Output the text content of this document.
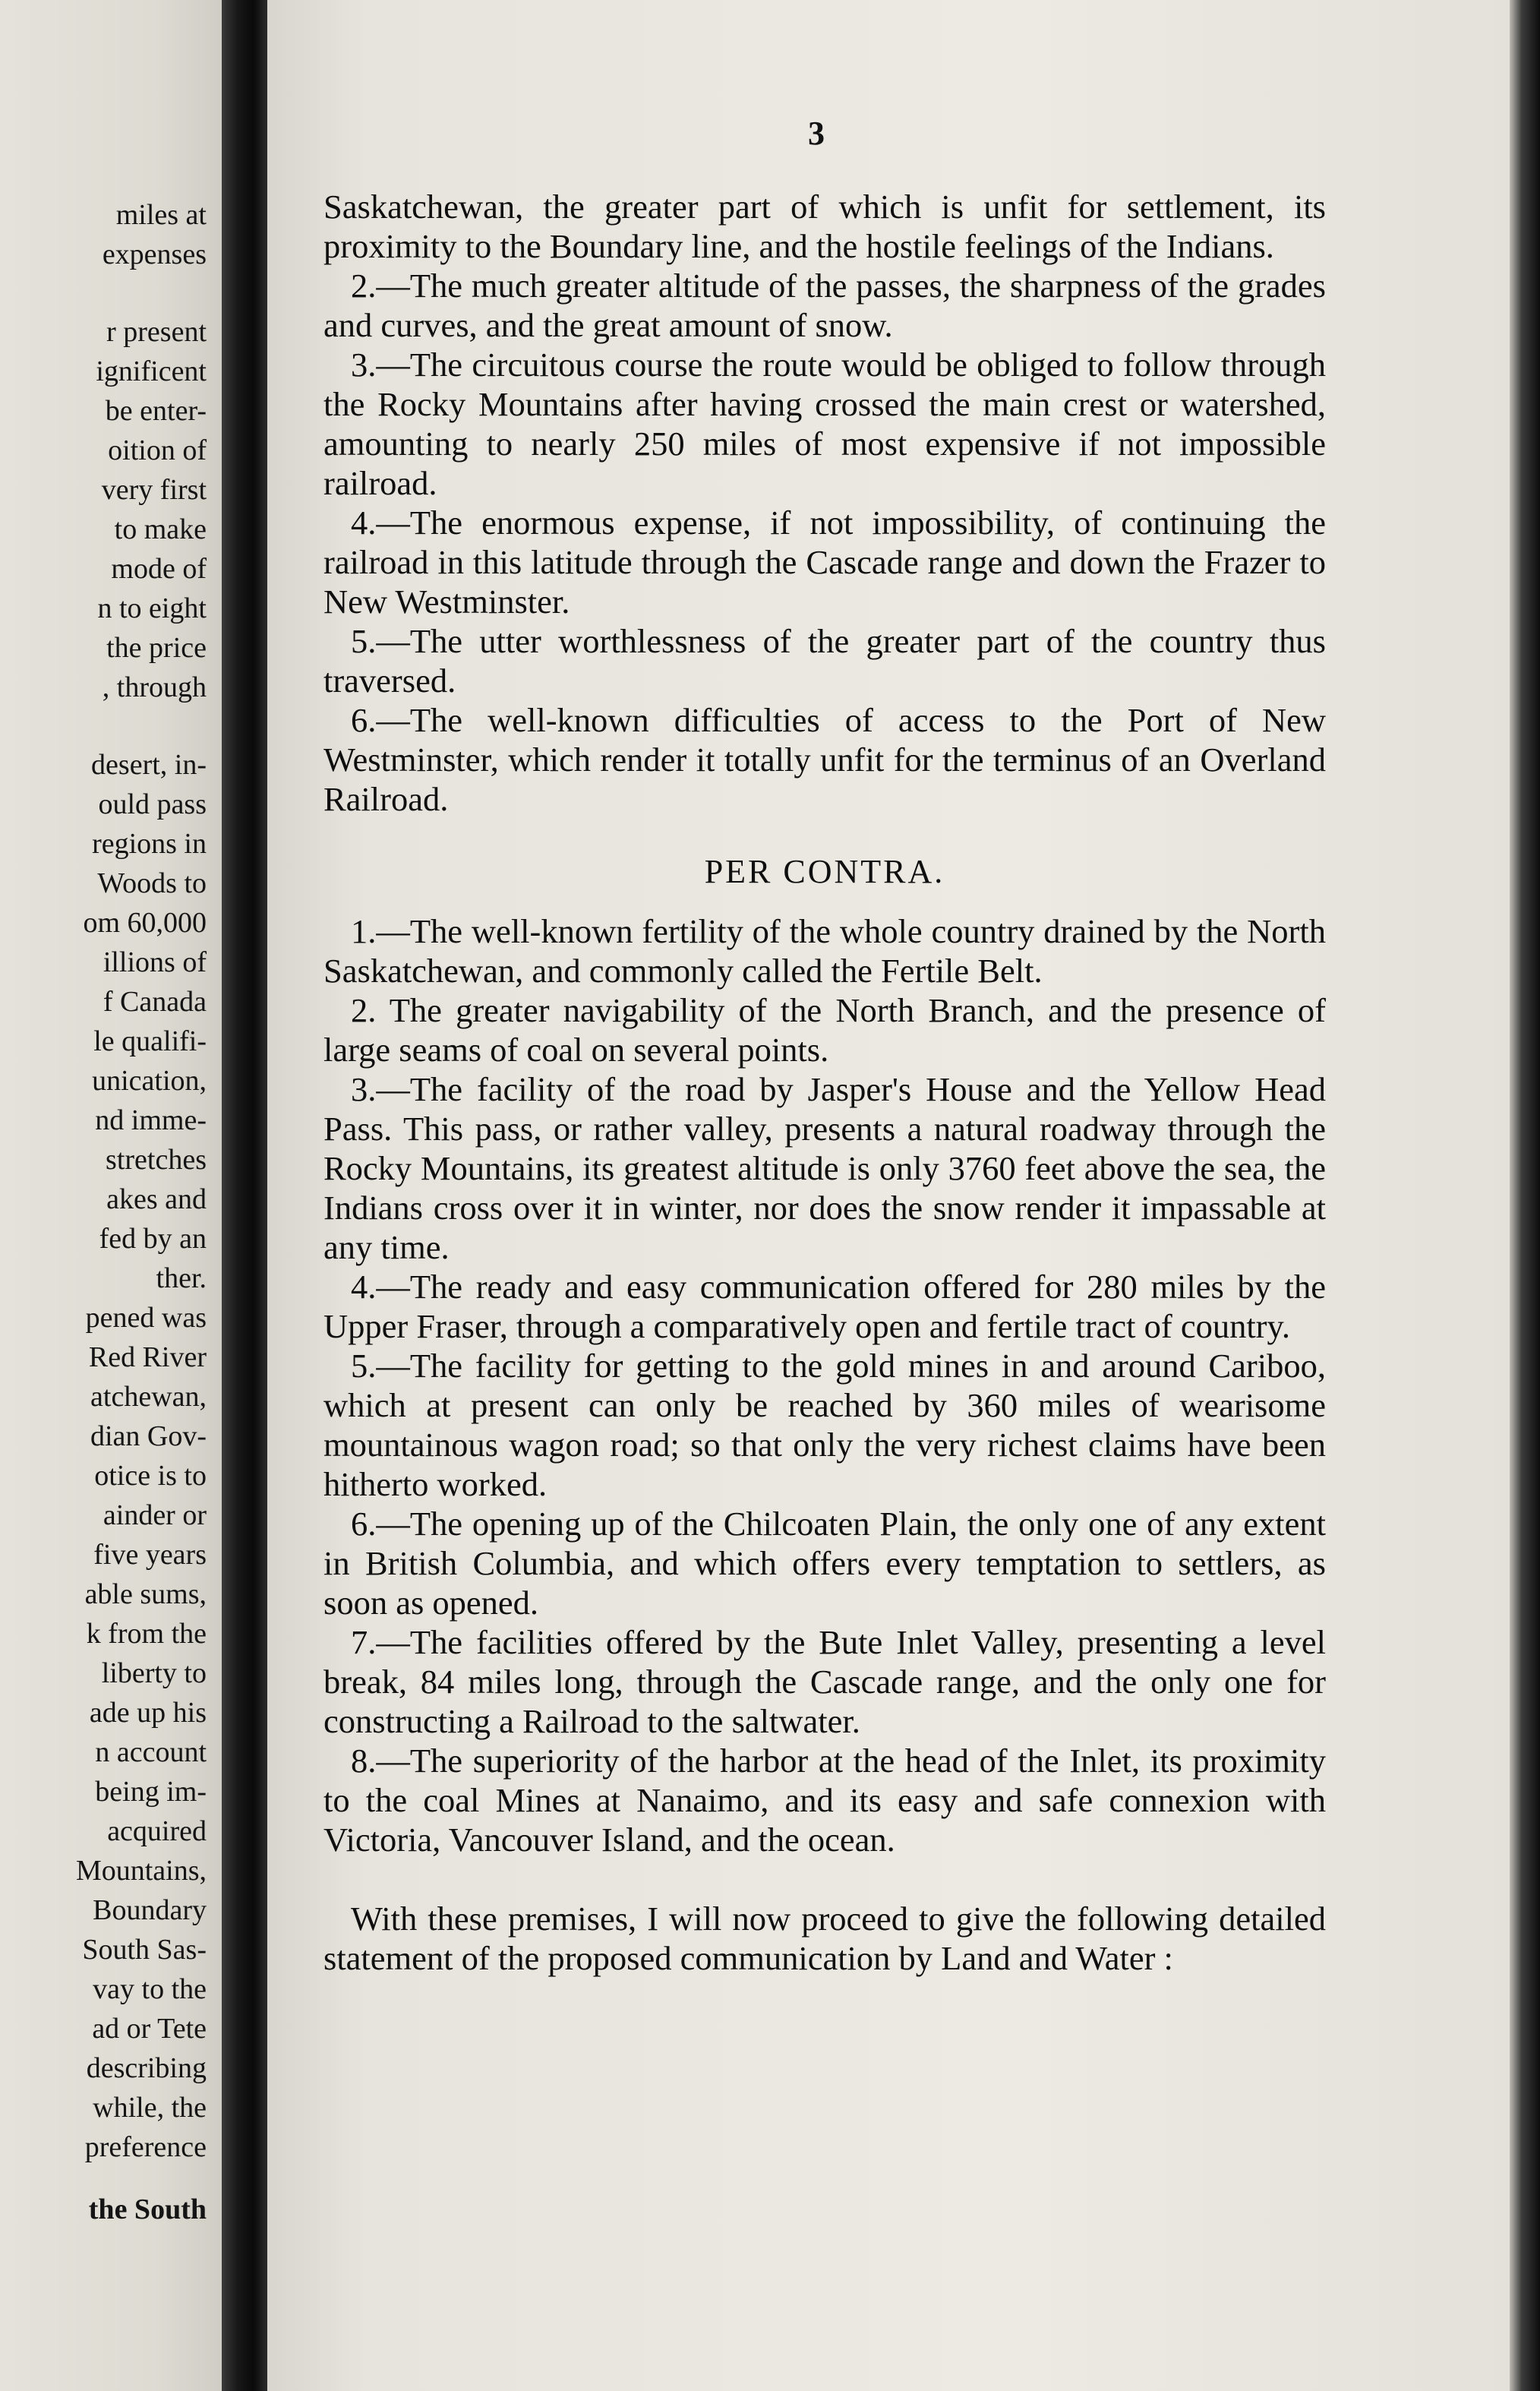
miles at
expenses
r present
ignificent
be enter-
oition of
very first
to make
mode of
n to eight
the price
, through
desert, in-
ould pass
regions in
Woods to
om 60,000
illions of
f Canada
le qualifi-
unication,
nd imme-
stretches
akes and
fed by an
ther.
pened was
Red River
atchewan,
dian Gov-
otice is to
ainder or
five years
able sums,
k from the
liberty to
ade up his
n account
being im-
acquired
Mountains,
Boundary
South Sas-
vay to the
ad or Tete
describing
while, the
preference
the South
3

Saskatchewan, the greater part of which is unfit for settlement, its proximity to the Boundary line, and the hostile feelings of the Indians.

2.—The much greater altitude of the passes, the sharpness of the grades and curves, and the great amount of snow.

3.—The circuitous course the route would be obliged to follow through the Rocky Mountains after having crossed the main crest or watershed, amounting to nearly 250 miles of most expensive if not impossible railroad.

4.—The enormous expense, if not impossibility, of continuing the railroad in this latitude through the Cascade range and down the Frazer to New Westminster.

5.—The utter worthlessness of the greater part of the country thus traversed.

6.—The well-known difficulties of access to the Port of New Westminster, which render it totally unfit for the terminus of an Overland Railroad.

PER CONTRA.

1.—The well-known fertility of the whole country drained by the North Saskatchewan, and commonly called the Fertile Belt.

2. The greater navigability of the North Branch, and the presence of large seams of coal on several points.

3.—The facility of the road by Jasper's House and the Yellow Head Pass. This pass, or rather valley, presents a natural roadway through the Rocky Mountains, its greatest altitude is only 3760 feet above the sea, the Indians cross over it in winter, nor does the snow render it impassable at any time.

4.—The ready and easy communication offered for 280 miles by the Upper Fraser, through a comparatively open and fertile tract of country.

5.—The facility for getting to the gold mines in and around Cariboo, which at present can only be reached by 360 miles of wearisome mountainous wagon road; so that only the very richest claims have been hitherto worked.

6.—The opening up of the Chilcoaten Plain, the only one of any extent in British Columbia, and which offers every temptation to settlers, as soon as opened.

7.—The facilities offered by the Bute Inlet Valley, presenting a level break, 84 miles long, through the Cascade range, and the only one for constructing a Railroad to the saltwater.

8.—The superiority of the harbor at the head of the Inlet, its proximity to the coal Mines at Nanaimo, and its easy and safe connexion with Victoria, Vancouver Island, and the ocean.

With these premises, I will now proceed to give the following detailed statement of the proposed communication by Land and Water :
